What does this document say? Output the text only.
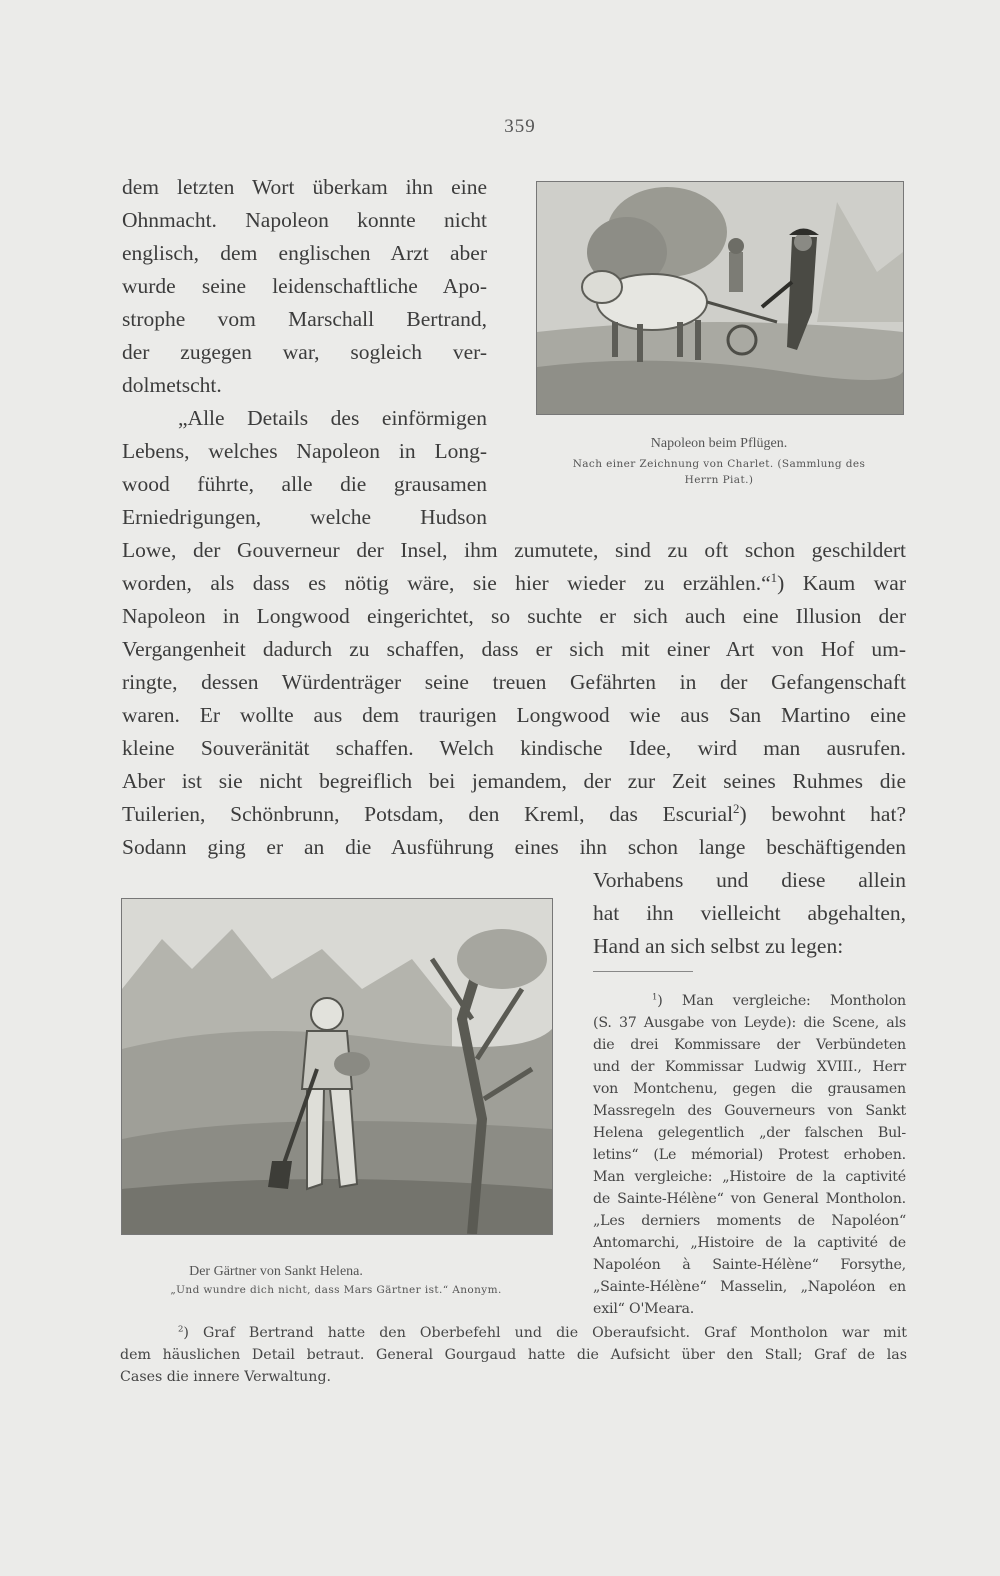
359
dem letzten Wort überkam ihn eine
Ohnmacht. Napoleon konnte nicht
englisch, dem englischen Arzt aber
wurde seine leidenschaftliche Apo-
strophe vom Marschall Bertrand,
der zugegen war, sogleich ver-
dolmetscht.
„Alle Details des einförmigen
Lebens, welches Napoleon in Long-
wood führte, alle die grausamen
Erniedrigungen, welche Hudson
Napoleon beim Pflügen.
Nach einer Zeichnung von Charlet. (Sammlung des
Herrn Piat.)
Lowe, der Gouverneur der Insel, ihm zumutete, sind zu oft schon geschildert
worden, als dass es nötig wäre, sie hier wieder zu erzählen.“$^1$) Kaum war
Napoleon in Longwood eingerichtet, so suchte er sich auch eine Illusion der
Vergangenheit dadurch zu schaffen, dass er sich mit einer Art von Hof um-
ringte, dessen Würdenträger seine treuen Gefährten in der Gefangenschaft
waren. Er wollte aus dem traurigen Longwood wie aus San Martino eine
kleine Souveränität schaffen. Welch kindische Idee, wird man ausrufen.
Aber ist sie nicht begreiflich bei jemandem, der zur Zeit seines Ruhmes die
Tuilerien, Schönbrunn, Potsdam, den Kreml, das Escurial$^2$) bewohnt hat?
Sodann ging er an die Ausführung eines ihn schon lange beschäftigenden
Vorhabens und diese allein
hat ihn vielleicht abgehalten,
Hand an sich selbst zu legen:
Der Gärtner von Sankt Helena.
„Und wundre dich nicht, dass Mars Gärtner ist.“ Anonym.
$^1$) Man vergleiche: Montholon
(S. 37 Ausgabe von Leyde): die Scene, als
die drei Kommissare der Verbündeten
und der Kommissar Ludwig XVIII., Herr
von Montchenu, gegen die grausamen
Massregeln des Gouverneurs von Sankt
Helena gelegentlich „der falschen Bul-
letins“ (Le mémorial) Protest erhoben.
Man vergleiche: „Histoire de la captivité
de Sainte-Hélène“ von General Montholon.
„Les derniers moments de Napoléon“
Antomarchi, „Histoire de la captivité de
Napoléon à Sainte-Hélène“ Forsythe,
„Sainte-Hélène“ Masselin, „Napoléon en
exil“ O'Meara.
$^2$) Graf Bertrand hatte den Oberbefehl und die Oberaufsicht. Graf Montholon war mit
dem häuslichen Detail betraut. General Gourgaud hatte die Aufsicht über den Stall; Graf de las
Cases die innere Verwaltung.
